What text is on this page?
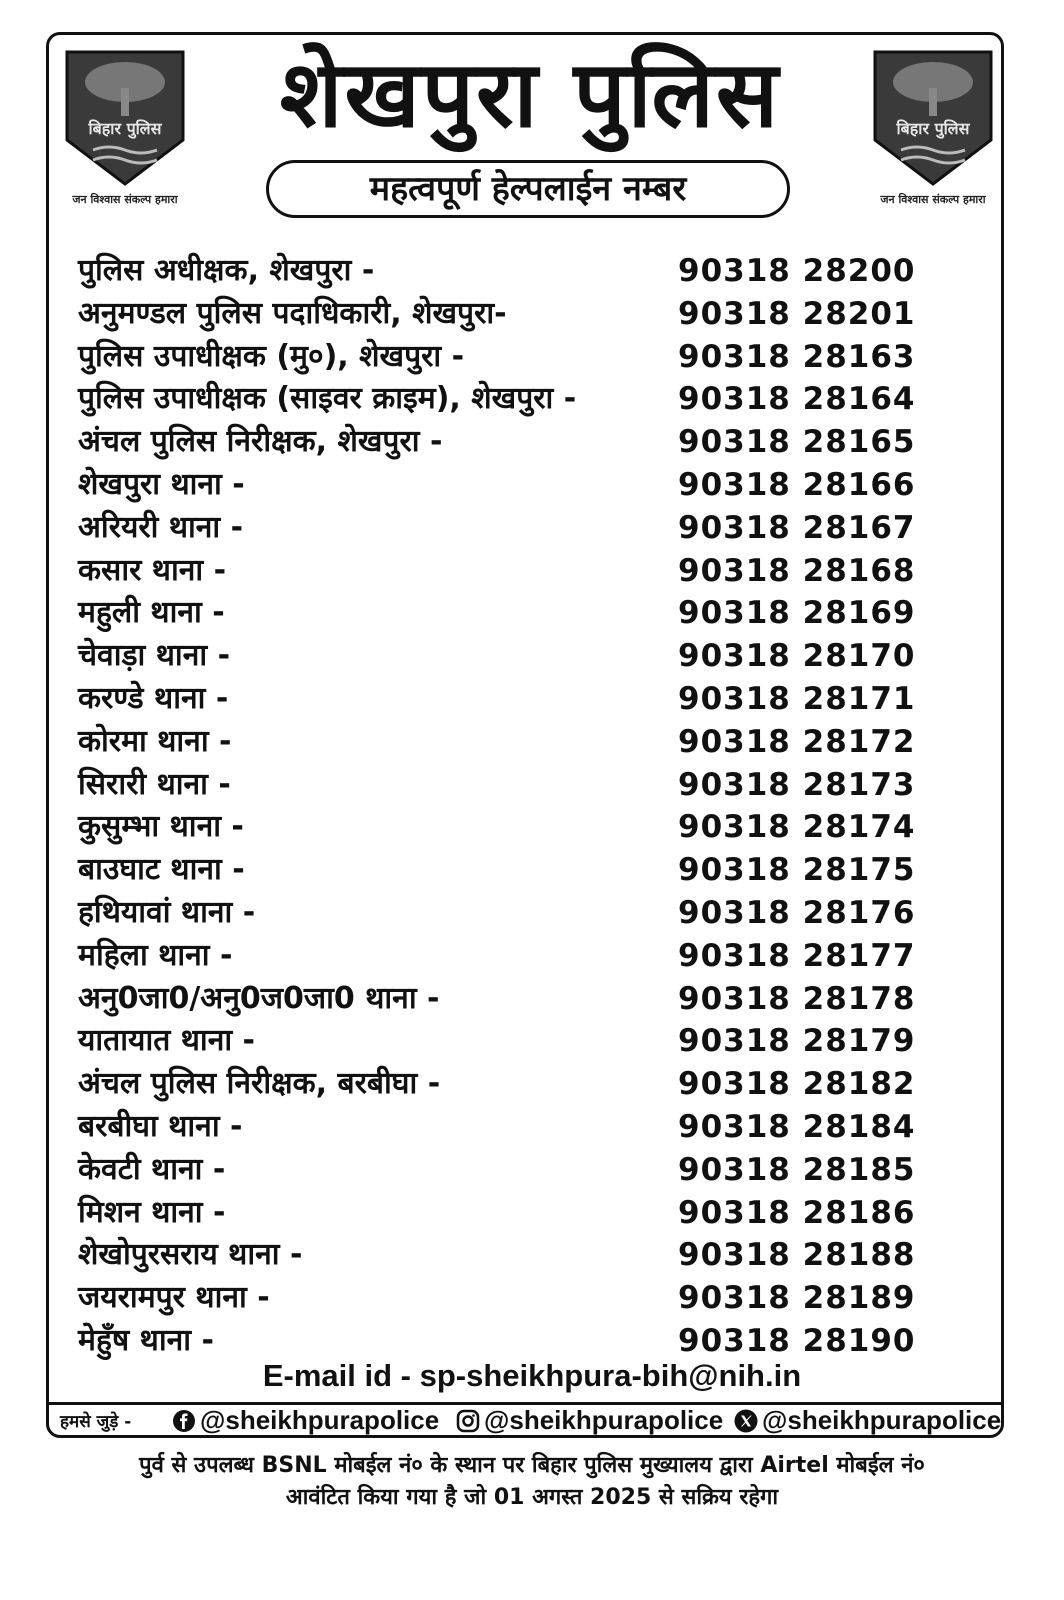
बिहार पुलिस
जन विश्वास संकल्प हमारा
बिहार पुलिस
जन विश्वास संकल्प हमारा
शेखपुरा पुलिस
महत्वपूर्ण हेल्पलाईन नम्बर
पुलिस अधीक्षक, शेखपुरा -	90318 28200
अनुमण्डल पुलिस पदाधिकारी, शेखपुरा-	90318 28201
पुलिस उपाधीक्षक (मु०), शेखपुरा -	90318 28163
पुलिस उपाधीक्षक (साइवर क्राइम), शेखपुरा -	90318 28164
अंचल पुलिस निरीक्षक, शेखपुरा -	90318 28165
शेखपुरा थाना -	90318 28166
अरियरी थाना -	90318 28167
कसार थाना -	90318 28168
महुली थाना -	90318 28169
चेवाड़ा थाना -	90318 28170
करण्डे थाना -	90318 28171
कोरमा थाना -	90318 28172
सिरारी थाना -	90318 28173
कुसुम्भा थाना -	90318 28174
बाउघाट थाना -	90318 28175
हथियावां थाना -	90318 28176
महिला थाना -	90318 28177
अनु0जा0/अनु0ज0जा0 थाना -	90318 28178
यातायात थाना -	90318 28179
अंचल पुलिस निरीक्षक, बरबीघा -	90318 28182
बरबीघा थाना -	90318 28184
केवटी थाना -	90318 28185
मिशन थाना -	90318 28186
शेखोपुरसराय थाना -	90318 28188
जयरामपुर थाना -	90318 28189
मेहुँष थाना -	90318 28190
E-mail id - sp-sheikhpura-bih@nih.in
हमसे जुड़े -	@sheikhpurapolice	@sheikhpurapolice	@sheikhpurapolice
पुर्व से उपलब्ध BSNL मोबईल नं० के स्थान पर बिहार पुलिस मुख्यालय द्वारा Airtel मोबईल नं०
आवंटित किया गया है जो 01 अगस्त 2025 से सक्रिय रहेगा
